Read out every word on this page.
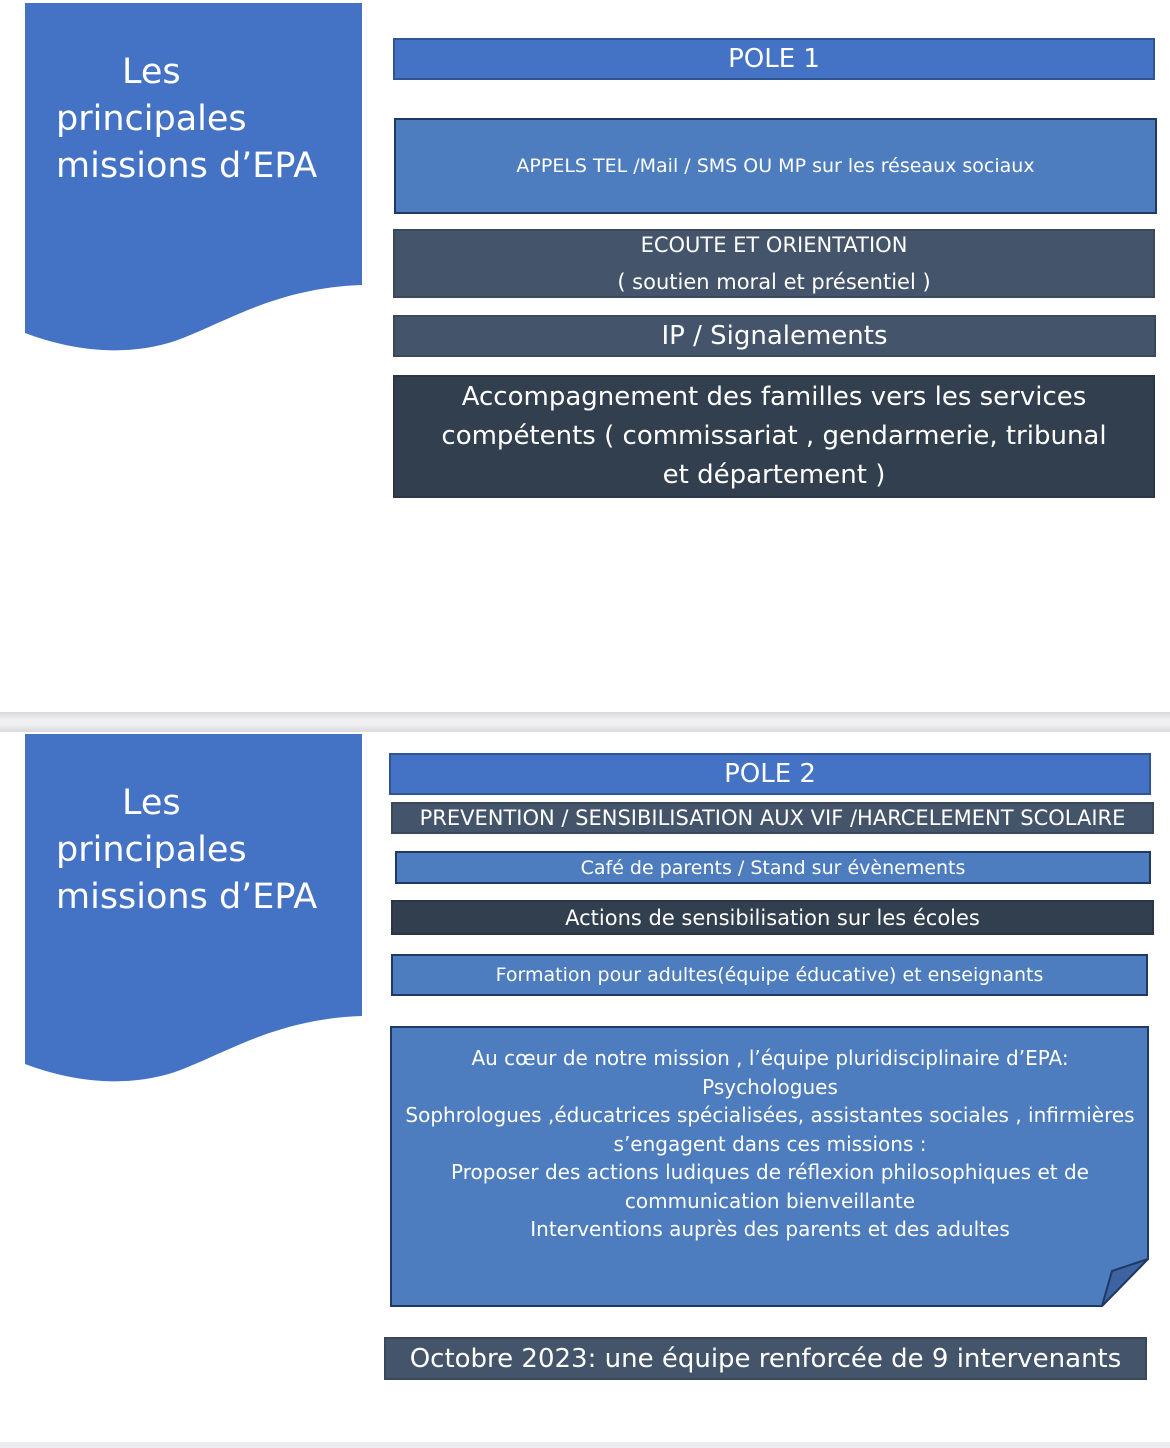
Les
principales
missions d’EPA
POLE 1
APPELS TEL /Mail / SMS OU MP sur les réseaux sociaux
ECOUTE ET ORIENTATION
( soutien moral et présentiel )
IP / Signalements
Accompagnement des familles vers les services
compétents ( commissariat , gendarmerie, tribunal
et département )
Les
principales
missions d’EPA
POLE 2
PREVENTION / SENSIBILISATION AUX VIF /HARCELEMENT SCOLAIRE
Café de parents / Stand sur évènements
Actions de sensibilisation sur les écoles
Formation pour adultes(équipe éducative) et enseignants
Au cœur de notre mission , l’équipe pluridisciplinaire d’EPA: Psychologues
Sophrologues ,éducatrices spécialisées, assistantes sociales , infirmières
s’engagent dans ces missions :
Proposer des actions ludiques de réflexion philosophiques et de
communication bienveillante
Interventions auprès des parents et des adultes
Octobre 2023: une équipe renforcée de 9 intervenants
